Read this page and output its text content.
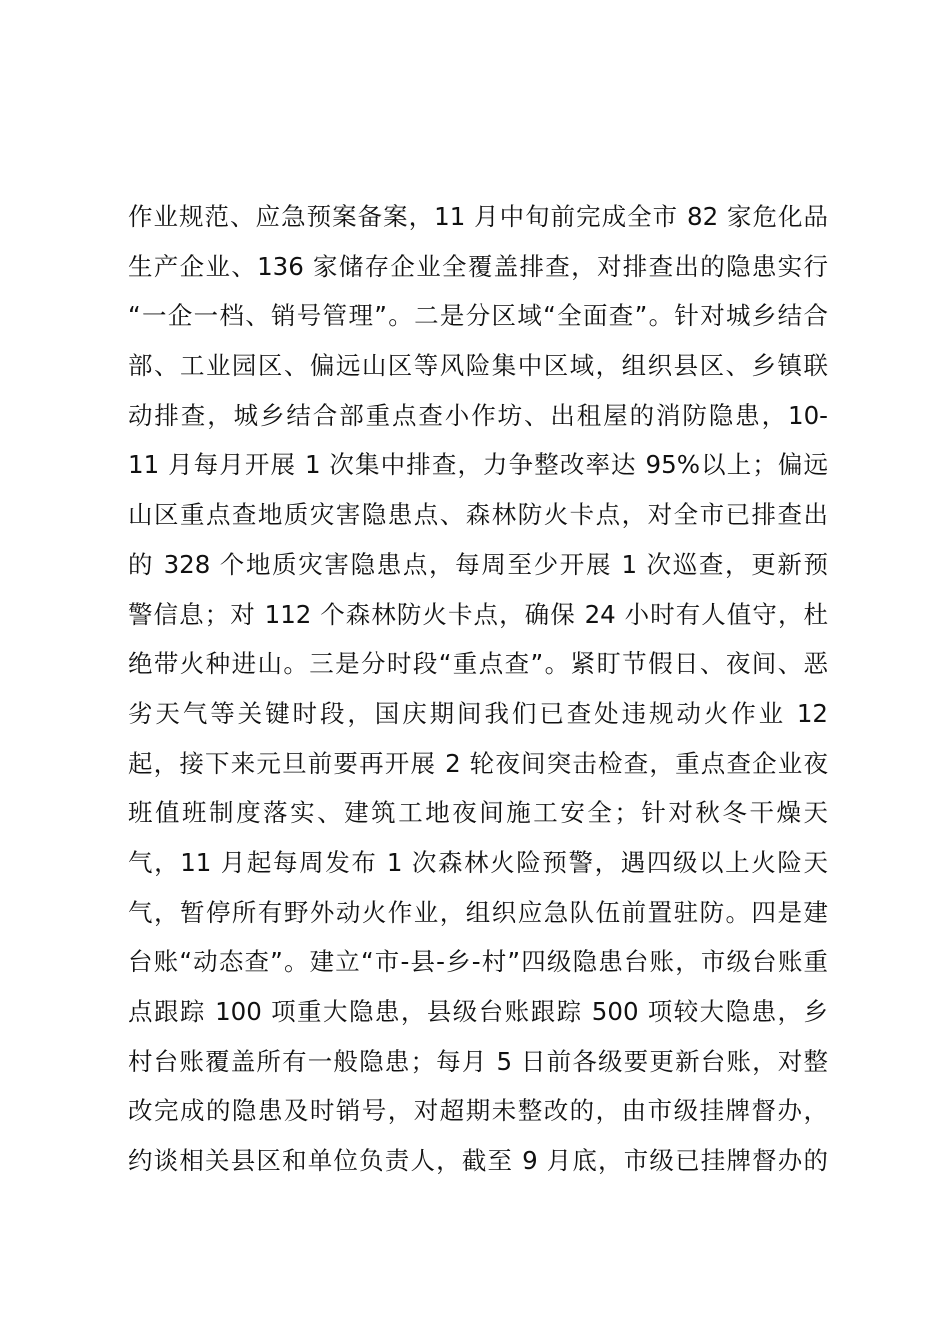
作业规范、应急预案备案，11 月中旬前完成全市 82 家危化品
生产企业、136 家储存企业全覆盖排查，对排查出的隐患实行
“一企一档、销号管理”。二是分区域“全面查”。针对城乡结合
部、工业园区、偏远山区等风险集中区域，组织县区、乡镇联
动排查，城乡结合部重点查小作坊、出租屋的消防隐患，10-
11 月每月开展 1 次集中排查，力争整改率达 95%以上；偏远
山区重点查地质灾害隐患点、森林防火卡点，对全市已排查出
的 328 个地质灾害隐患点，每周至少开展 1 次巡查，更新预
警信息；对 112 个森林防火卡点，确保 24 小时有人值守，杜
绝带火种进山。三是分时段“重点查”。紧盯节假日、夜间、恶
劣天气等关键时段，国庆期间我们已查处违规动火作业 12
起，接下来元旦前要再开展 2 轮夜间突击检查，重点查企业夜
班值班制度落实、建筑工地夜间施工安全；针对秋冬干燥天
气，11 月起每周发布 1 次森林火险预警，遇四级以上火险天
气，暂停所有野外动火作业，组织应急队伍前置驻防。四是建
台账“动态查”。建立“市-县-乡-村”四级隐患台账，市级台账重
点跟踪 100 项重大隐患，县级台账跟踪 500 项较大隐患，乡
村台账覆盖所有一般隐患；每月 5 日前各级要更新台账，对整
改完成的隐患及时销号，对超期未整改的，由市级挂牌督办，
约谈相关县区和单位负责人，截至 9 月底，市级已挂牌督办的
